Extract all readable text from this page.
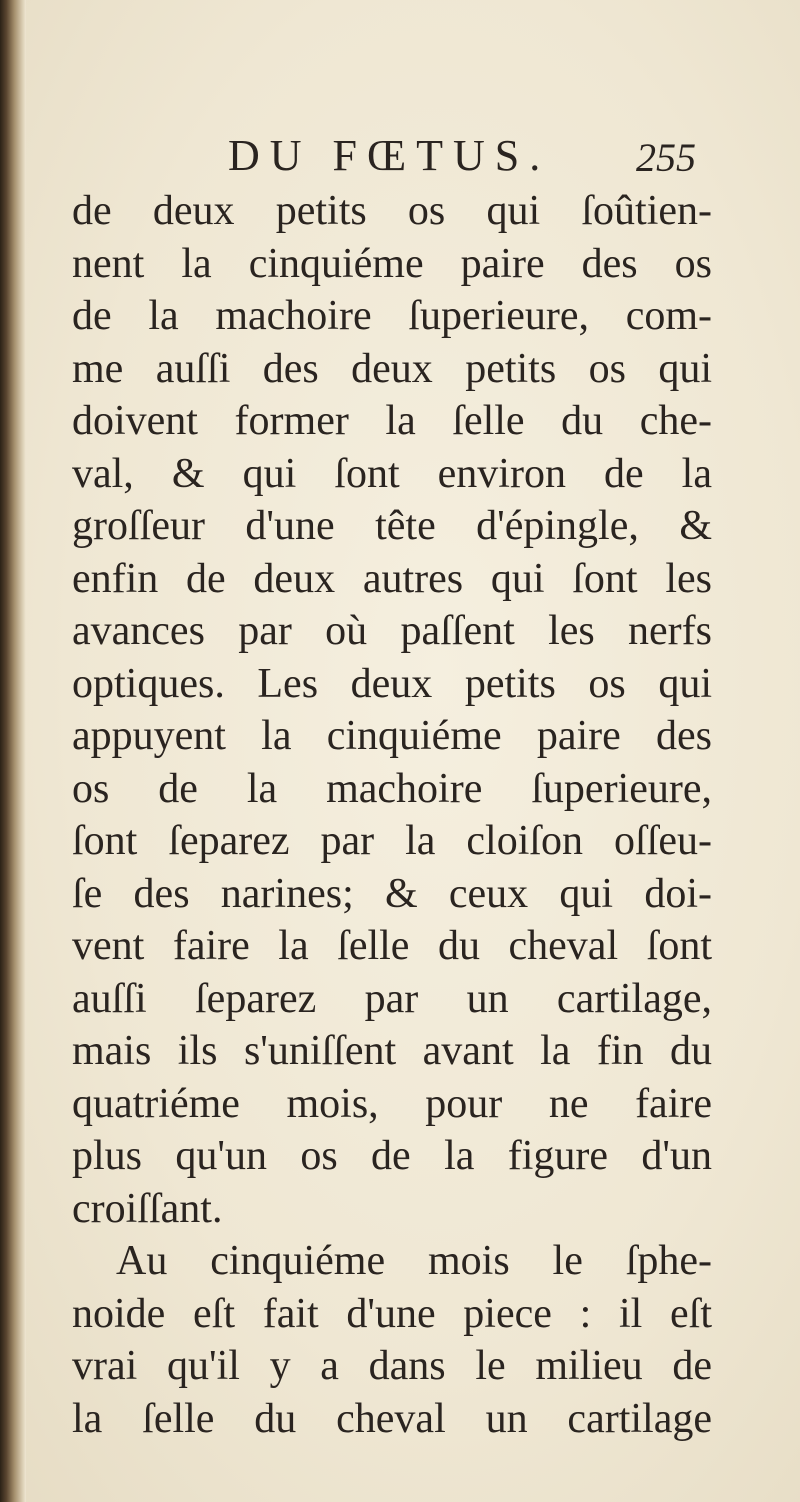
DU FŒTUS. 255
de deux petits os qui ſoûtien-
nent la cinquiéme paire des os
de la machoire ſuperieure, com-
me auſſi des deux petits os qui
doivent former la ſelle du che-
val, & qui ſont environ de la
groſſeur d'une tête d'épingle, &
enfin de deux autres qui ſont les
avances par où paſſent les nerfs
optiques. Les deux petits os qui
appuyent la cinquiéme paire des
os de la machoire ſuperieure,
ſont ſeparez par la cloiſon oſſeu-
ſe des narines; & ceux qui doi-
vent faire la ſelle du cheval ſont
auſſi ſeparez par un cartilage,
mais ils s'uniſſent avant la fin du
quatriéme mois, pour ne faire
plus qu'un os de la figure d'un
croiſſant.
Au cinquiéme mois le ſphe-
noide eſt fait d'une piece : il eſt
vrai qu'il y a dans le milieu de
la ſelle du cheval un cartilage
